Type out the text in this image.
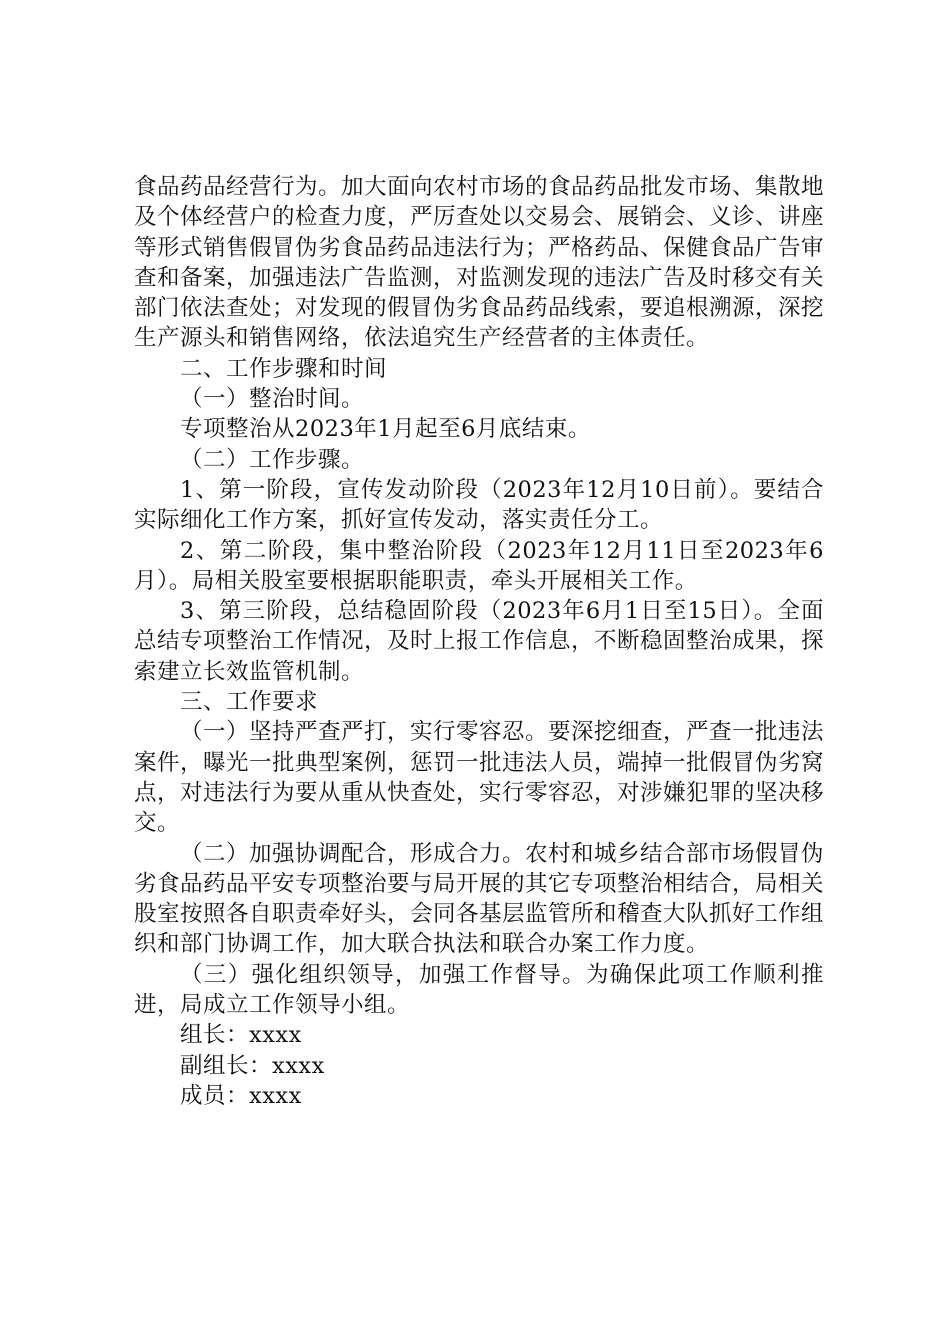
食品药品经营行为。加大面向农村市场的食品药品批发市场、集散地及个体经营户的检查力度，严厉查处以交易会、展销会、义诊、讲座等形式销售假冒伪劣食品药品违法行为；严格药品、保健食品广告审查和备案，加强违法广告监测，对监测发现的违法广告及时移交有关部门依法查处；对发现的假冒伪劣食品药品线索，要追根溯源，深挖生产源头和销售网络，依法追究生产经营者的主体责任。

二、工作步骤和时间

（一）整治时间。

专项整治从2023年1月起至6月底结束。

（二）工作步骤。

1、第一阶段，宣传发动阶段（2023年12月10日前）。要结合实际细化工作方案，抓好宣传发动，落实责任分工。

2、第二阶段，集中整治阶段（2023年12月11日至2023年6月）。局相关股室要根据职能职责，牵头开展相关工作。

3、第三阶段，总结稳固阶段（2023年6月1日至15日）。全面总结专项整治工作情况，及时上报工作信息，不断稳固整治成果，探索建立长效监管机制。

三、工作要求

（一）坚持严查严打，实行零容忍。要深挖细查，严查一批违法案件，曝光一批典型案例，惩罚一批违法人员，端掉一批假冒伪劣窝点，对违法行为要从重从快查处，实行零容忍，对涉嫌犯罪的坚决移交。

（二）加强协调配合，形成合力。农村和城乡结合部市场假冒伪劣食品药品平安专项整治要与局开展的其它专项整治相结合，局相关股室按照各自职责牵好头，会同各基层监管所和稽查大队抓好工作组织和部门协调工作，加大联合执法和联合办案工作力度。

（三）强化组织领导，加强工作督导。为确保此项工作顺利推进，局成立工作领导小组。

组长：xxxx

副组长：xxxx

成员：xxxx
